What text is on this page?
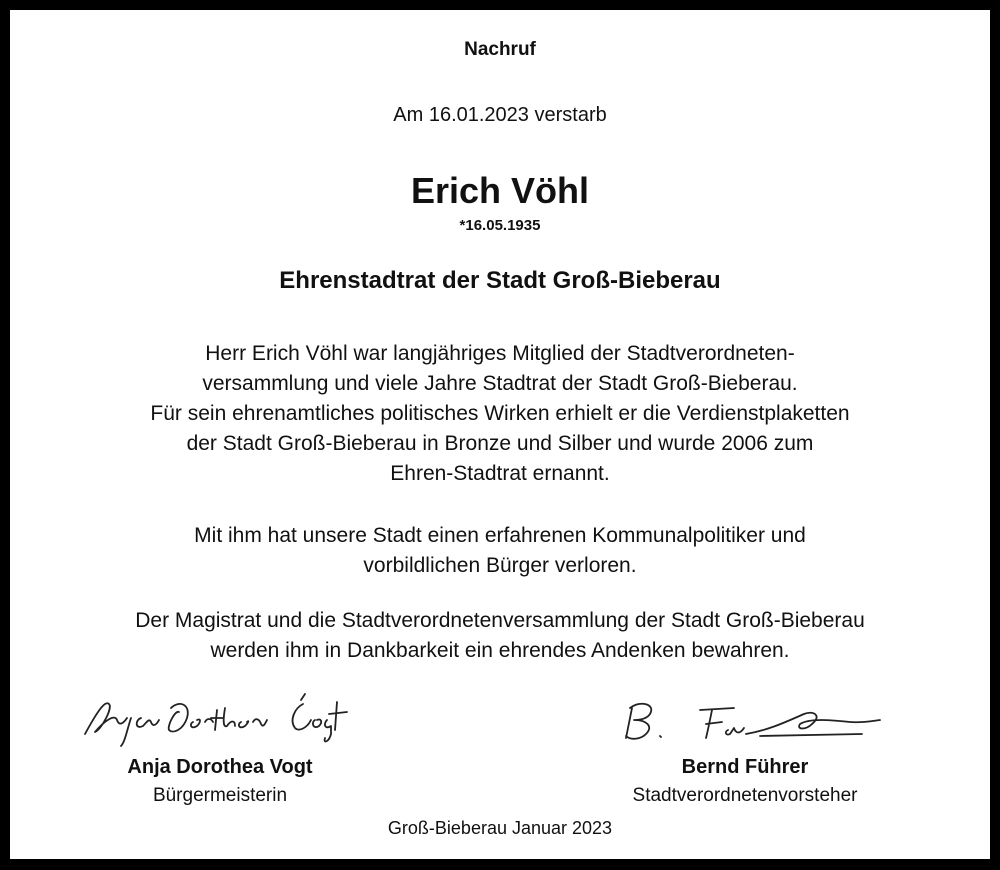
Nachruf
Am 16.01.2023 verstarb
Erich Vöhl
*16.05.1935
Ehrenstadtrat der Stadt Groß-Bieberau
Herr Erich Vöhl war langjähriges Mitglied der Stadtverordneten-
versammlung und viele Jahre Stadtrat der Stadt Groß-Bieberau.
Für sein ehrenamtliches politisches Wirken erhielt er die Verdienstplaketten
der Stadt Groß-Bieberau in Bronze und Silber und wurde 2006 zum
Ehren-Stadtrat ernannt.
Mit ihm hat unsere Stadt einen erfahrenen Kommunalpolitiker und
vorbildlichen Bürger verloren.
Der Magistrat und die Stadtverordnetenversammlung der Stadt Groß-Bieberau
werden ihm in Dankbarkeit ein ehrendes Andenken bewahren.
Anja Dorothea Vogt
Bürgermeisterin
Bernd Führer
Stadtverordnetenvorsteher
Groß-Bieberau Januar 2023
